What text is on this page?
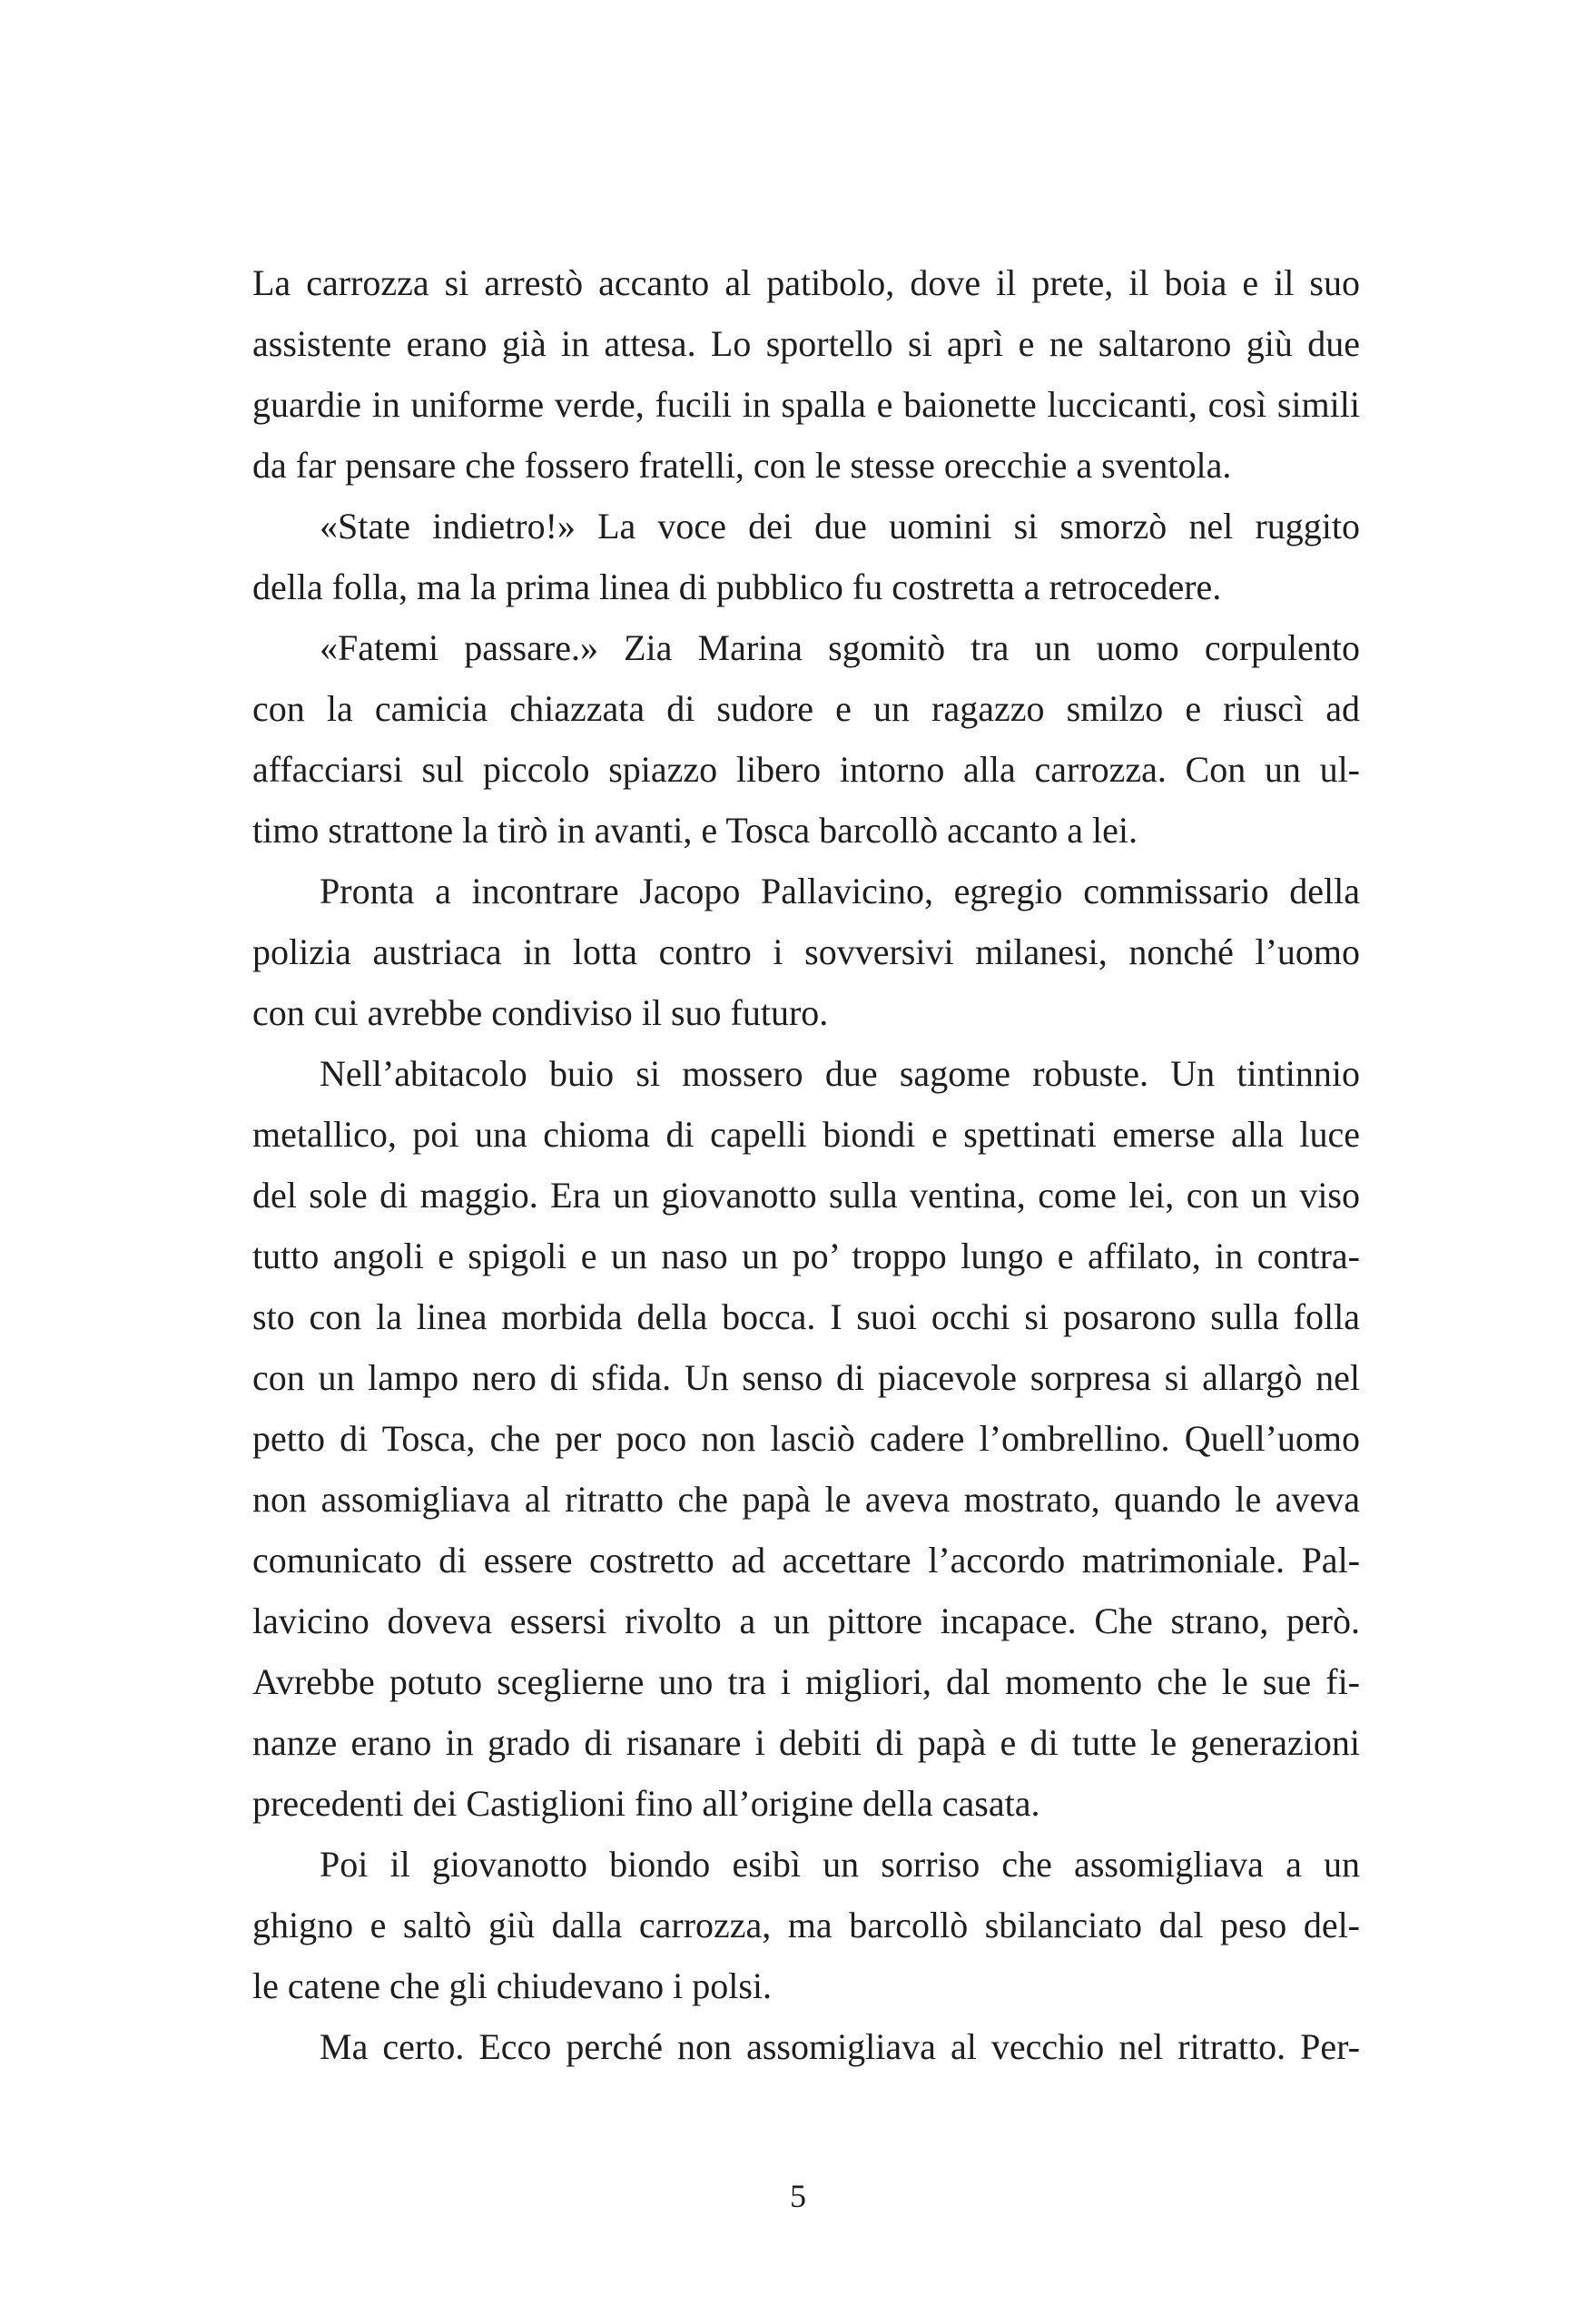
La carrozza si arrestò accanto al patibolo, dove il prete, il boia e il suo
assistente erano già in attesa. Lo sportello si aprì e ne saltarono giù due
guardie in uniforme verde, fucili in spalla e baionette luccicanti, così simili
da far pensare che fossero fratelli, con le stesse orecchie a sventola.
«State indietro!» La voce dei due uomini si smorzò nel ruggito
della folla, ma la prima linea di pubblico fu costretta a retrocedere.
«Fatemi passare.» Zia Marina sgomitò tra un uomo corpulento
con la camicia chiazzata di sudore e un ragazzo smilzo e riuscì ad
affacciarsi sul piccolo spiazzo libero intorno alla carrozza. Con un ul-
timo strattone la tirò in avanti, e Tosca barcollò accanto a lei.
Pronta a incontrare Jacopo Pallavicino, egregio commissario della
polizia austriaca in lotta contro i sovversivi milanesi, nonché l’uomo
con cui avrebbe condiviso il suo futuro.
Nell’abitacolo buio si mossero due sagome robuste. Un tintinnio
metallico, poi una chioma di capelli biondi e spettinati emerse alla luce
del sole di maggio. Era un giovanotto sulla ventina, come lei, con un viso
tutto angoli e spigoli e un naso un po’ troppo lungo e affilato, in contra-
sto con la linea morbida della bocca. I suoi occhi si posarono sulla folla
con un lampo nero di sfida. Un senso di piacevole sorpresa si allargò nel
petto di Tosca, che per poco non lasciò cadere l’ombrellino. Quell’uomo
non assomigliava al ritratto che papà le aveva mostrato, quando le aveva
comunicato di essere costretto ad accettare l’accordo matrimoniale. Pal-
lavicino doveva essersi rivolto a un pittore incapace. Che strano, però.
Avrebbe potuto sceglierne uno tra i migliori, dal momento che le sue fi-
nanze erano in grado di risanare i debiti di papà e di tutte le generazioni
precedenti dei Castiglioni fino all’origine della casata.
Poi il giovanotto biondo esibì un sorriso che assomigliava a un
ghigno e saltò giù dalla carrozza, ma barcollò sbilanciato dal peso del-
le catene che gli chiudevano i polsi.
Ma certo. Ecco perché non assomigliava al vecchio nel ritratto. Per-
5
